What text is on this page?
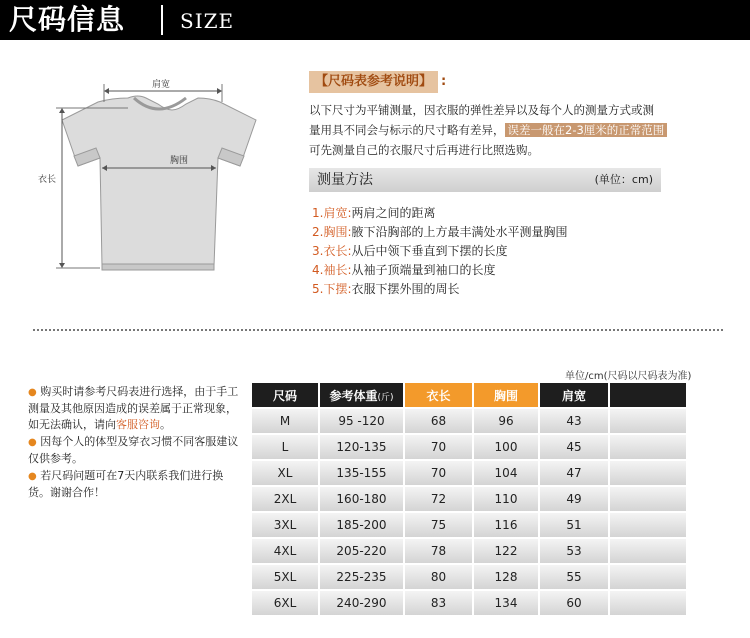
尺码信息	SIZE
肩宽
胸围
衣长
【尺码表参考说明】 :
以下尺寸为平铺测量，因衣服的弹性差异以及每个人的测量方式或测
量用具不同会与标示的尺寸略有差异， 误差一般在2-3厘米的正常范围
可先测量自己的衣服尺寸后再进行比照选购。
测量方法	(单位：cm)
1.肩宽:两肩之间的距离
2.胸围:腋下沿胸部的上方最丰满处水平测量胸围
3.衣长:从后中领下垂直到下摆的长度
4.袖长:从袖子顶端量到袖口的长度
5.下摆:衣服下摆外围的周长
● 购买时请参考尺码表进行选择，由于手工测量及其他原因造成的误差属于正常现象，如无法确认，请向客服咨询。
● 因每个人的体型及穿衣习惯不同客服建议仅供参考。
● 若尺码问题可在7天内联系我们进行换货。谢谢合作！
单位/cm(尺码以尺码表为准)
尺码	参考体重(斤)	衣长	胸围	肩宽	
M	95 -120	68	96	43	
L	120-135	70	100	45	
XL	135-155	70	104	47	
2XL	160-180	72	110	49	
3XL	185-200	75	116	51	
4XL	205-220	78	122	53	
5XL	225-235	80	128	55	
6XL	240-290	83	134	60	
